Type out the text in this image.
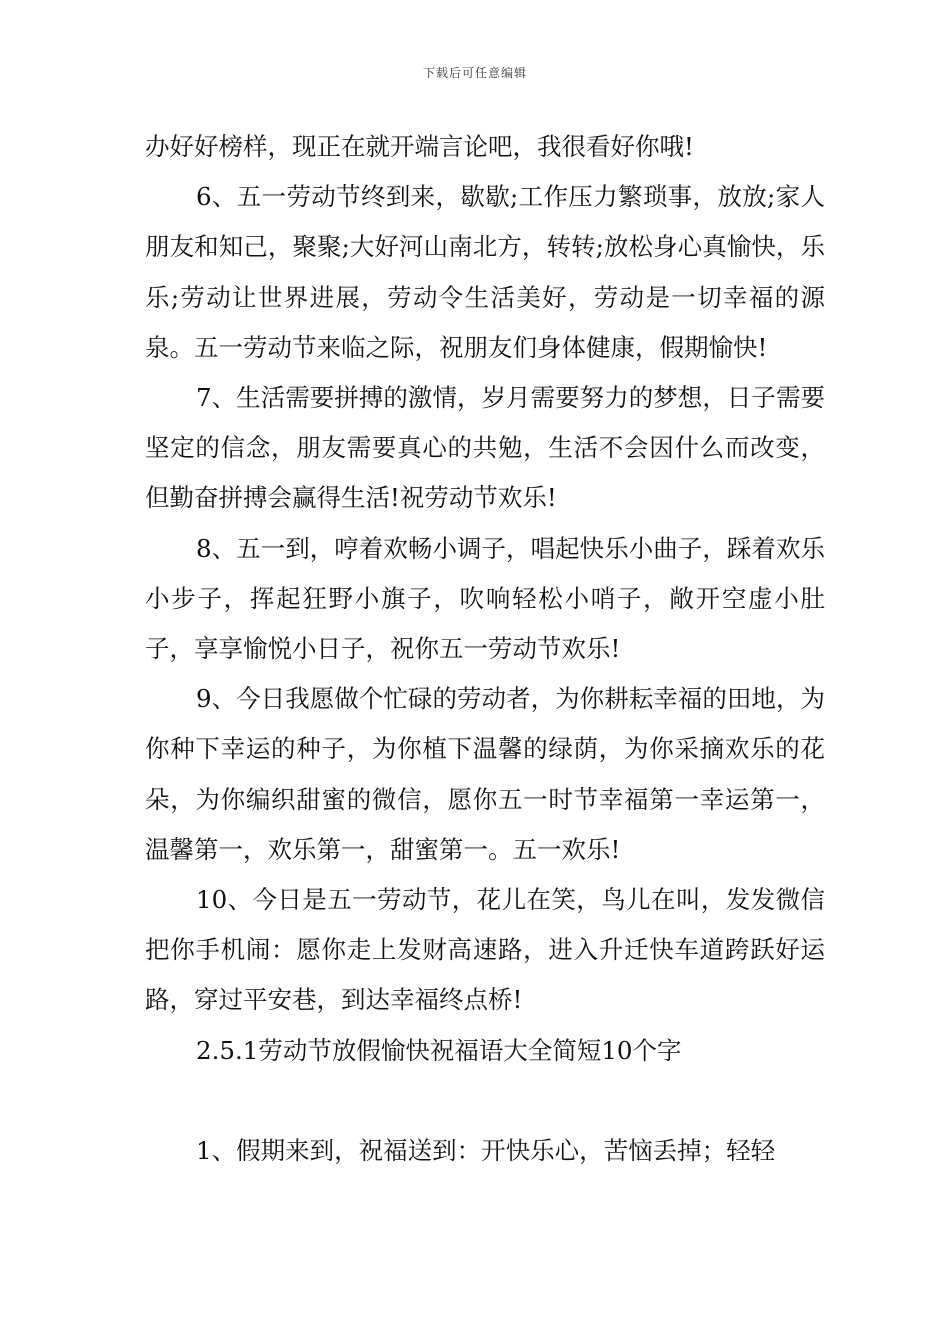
下载后可任意编辑

办好好榜样，现正在就开端言论吧，我很看好你哦!

6、五一劳动节终到来，歇歇;工作压力繁琐事，放放;家人朋友和知己，聚聚;大好河山南北方，转转;放松身心真愉快，乐乐;劳动让世界进展，劳动令生活美好，劳动是一切幸福的源泉。五一劳动节来临之际，祝朋友们身体健康，假期愉快!

7、生活需要拼搏的激情，岁月需要努力的梦想，日子需要坚定的信念，朋友需要真心的共勉，生活不会因什么而改变，但勤奋拼搏会赢得生活!祝劳动节欢乐!

8、五一到，哼着欢畅小调子，唱起快乐小曲子，踩着欢乐小步子，挥起狂野小旗子，吹响轻松小哨子，敞开空虚小肚子，享享愉悦小日子，祝你五一劳动节欢乐!

9、今日我愿做个忙碌的劳动者，为你耕耘幸福的田地，为你种下幸运的种子，为你植下温馨的绿荫，为你采摘欢乐的花朵，为你编织甜蜜的微信，愿你五一时节幸福第一幸运第一，温馨第一，欢乐第一，甜蜜第一。五一欢乐!

10、今日是五一劳动节，花儿在笑，鸟儿在叫，发发微信把你手机闹：愿你走上发财高速路，进入升迁快车道跨跃好运路，穿过平安巷，到达幸福终点桥!

2.5.1劳动节放假愉快祝福语大全简短10个字

1、假期来到，祝福送到：开快乐心，苦恼丢掉；轻轻
